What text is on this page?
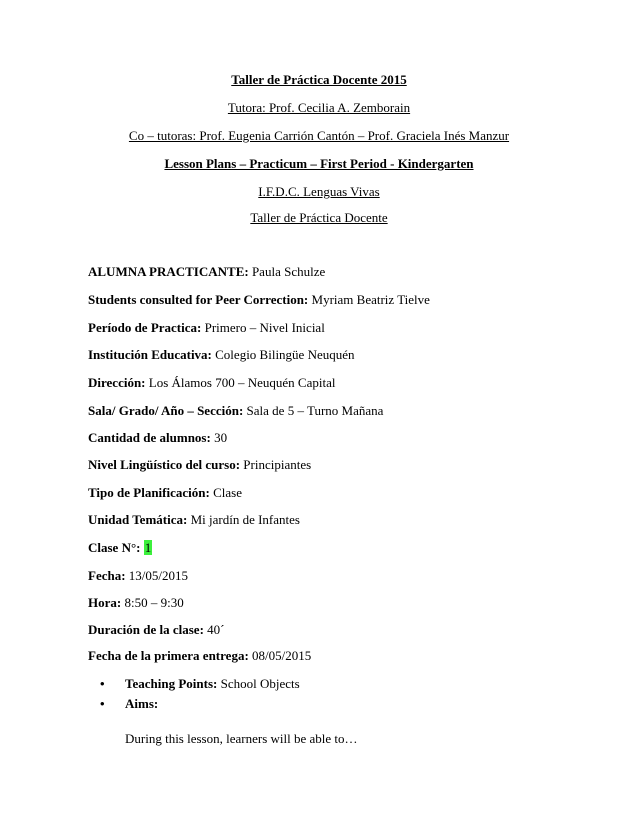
Taller de Práctica Docente 2015
Tutora: Prof. Cecilia A. Zemborain
Co – tutoras: Prof. Eugenia Carrión Cantón – Prof. Graciela Inés Manzur
Lesson Plans – Practicum – First Period - Kindergarten
I.F.D.C. Lenguas Vivas
Taller de Práctica Docente
ALUMNA PRACTICANTE: Paula Schulze
Students consulted for Peer Correction: Myriam Beatriz Tielve
Período de Practica: Primero – Nivel Inicial
Institución Educativa: Colegio Bilingüe Neuquén
Dirección: Los Álamos 700 – Neuquén Capital
Sala/ Grado/ Año – Sección: Sala de 5 – Turno Mañana
Cantidad de alumnos: 30
Nivel Lingüístico del curso: Principiantes
Tipo de Planificación: Clase
Unidad Temática: Mi jardín de Infantes
Clase N°: 1
Fecha: 13/05/2015
Hora: 8:50 – 9:30
Duración de la clase: 40´
Fecha de la primera entrega: 08/05/2015
• Teaching Points: School Objects
• Aims:
During this lesson, learners will be able to…
